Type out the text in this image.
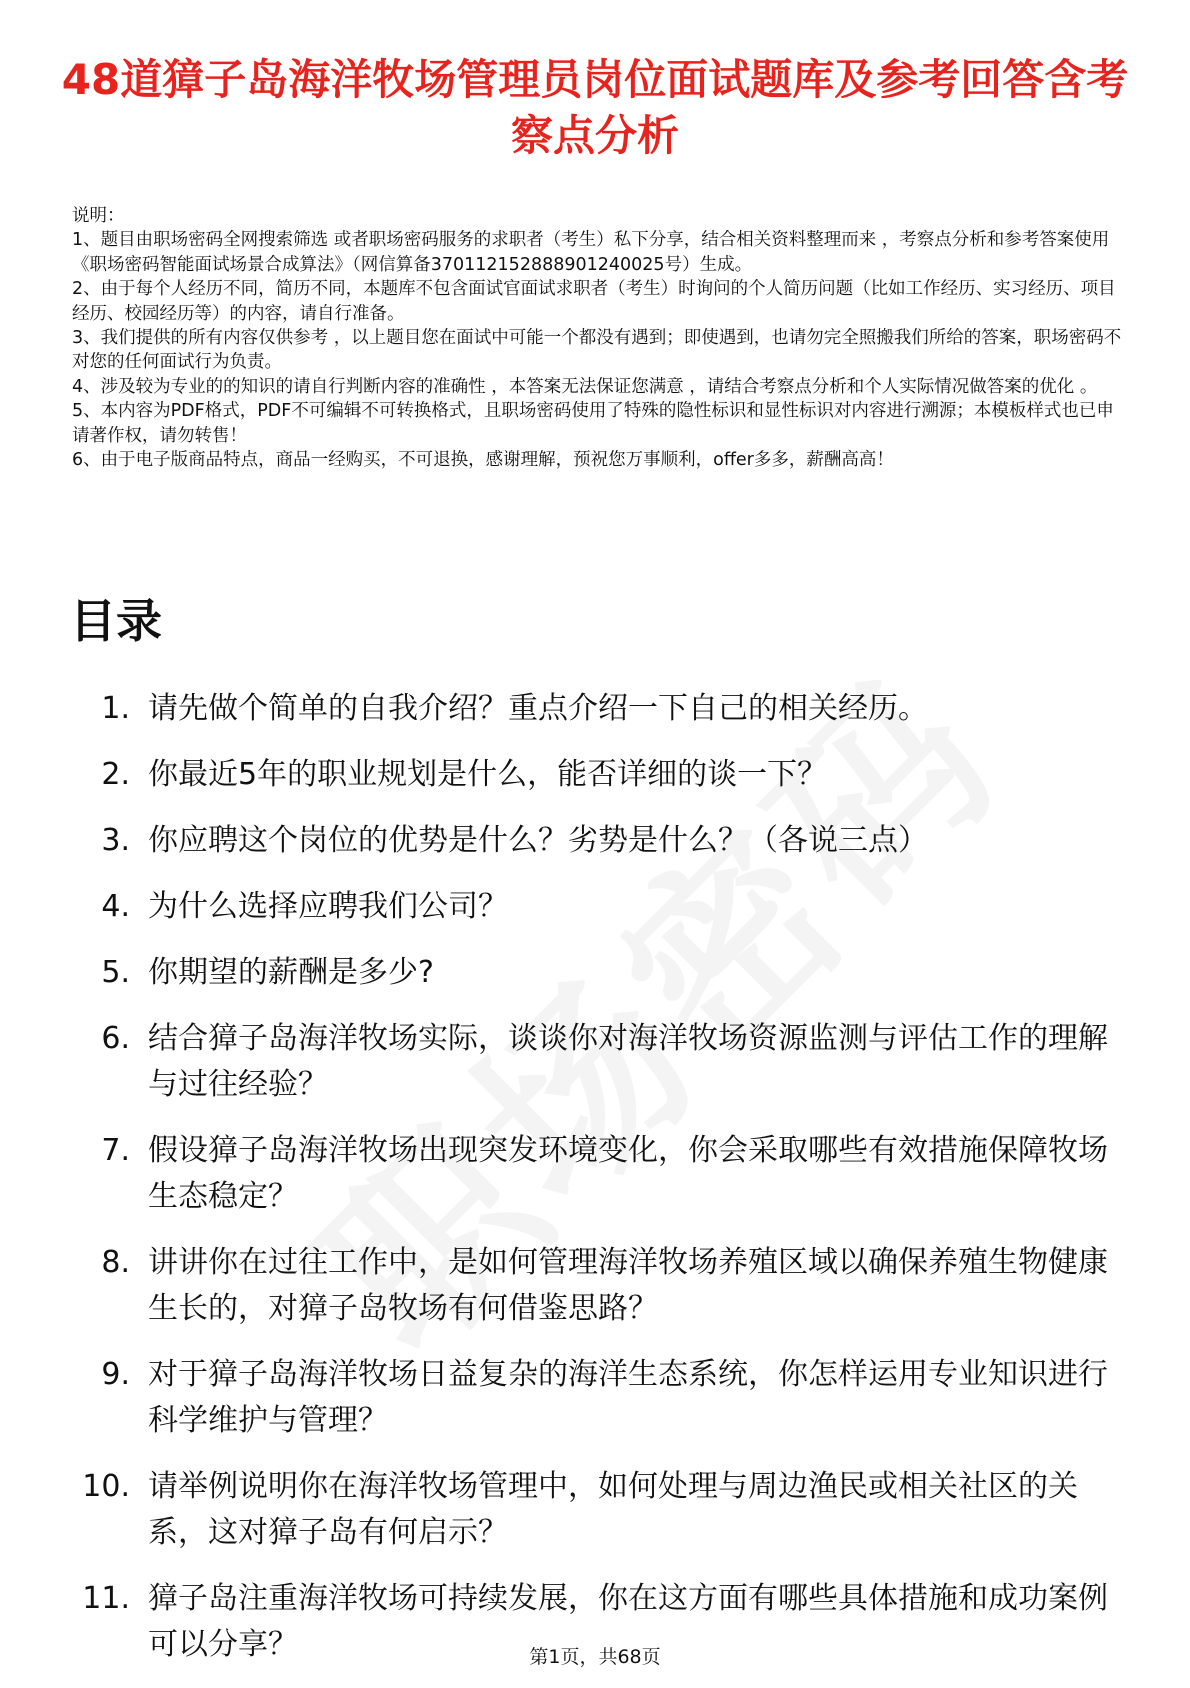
48道獐子岛海洋牧场管理员岗位面试题库及参考回答含考察点分析

说明：

1、题目由职场密码全网搜索筛选 或者职场密码服务的求职者（考生）私下分享，结合相关资料整理而来 ，考察点分析和参考答案使用《职场密码智能面试场景合成算法》（网信算备370112152888901240025号）生成。

2、由于每个人经历不同，简历不同，本题库不包含面试官面试求职者（考生）时询问的个人简历问题（比如工作经历、实习经历、项目经历、校园经历等）的内容，请自行准备。

3、我们提供的所有内容仅供参考 ，以上题目您在面试中可能一个都没有遇到；即使遇到，也请勿完全照搬我们所给的答案，职场密码不对您的任何面试行为负责。

4、涉及较为专业的的知识的请自行判断内容的准确性 ，本答案无法保证您满意 ，请结合考察点分析和个人实际情况做答案的优化 。

5、本内容为PDF格式，PDF不可编辑不可转换格式，且职场密码使用了特殊的隐性标识和显性标识对内容进行溯源；本模板样式也已申请著作权，请勿转售！

6、由于电子版商品特点，商品一经购买，不可退换，感谢理解，预祝您万事顺利，offer多多，薪酬高高！

目录
1. 请先做个简单的自我介绍？重点介绍一下自己的相关经历。
2. 你最近5年的职业规划是什么，能否详细的谈一下？
3. 你应聘这个岗位的优势是什么？劣势是什么？（各说三点）
4. 为什么选择应聘我们公司？
5. 你期望的薪酬是多少?
6. 结合獐子岛海洋牧场实际，谈谈你对海洋牧场资源监测与评估工作的理解与过往经验？
7. 假设獐子岛海洋牧场出现突发环境变化，你会采取哪些有效措施保障牧场生态稳定？
8. 讲讲你在过往工作中，是如何管理海洋牧场养殖区域以确保养殖生物健康生长的，对獐子岛牧场有何借鉴思路？
9. 对于獐子岛海洋牧场日益复杂的海洋生态系统，你怎样运用专业知识进行科学维护与管理？
10. 请举例说明你在海洋牧场管理中，如何处理与周边渔民或相关社区的关系，这对獐子岛有何启示？
11. 獐子岛注重海洋牧场可持续发展，你在这方面有哪些具体措施和成功案例可以分享？	第1页，共68页
